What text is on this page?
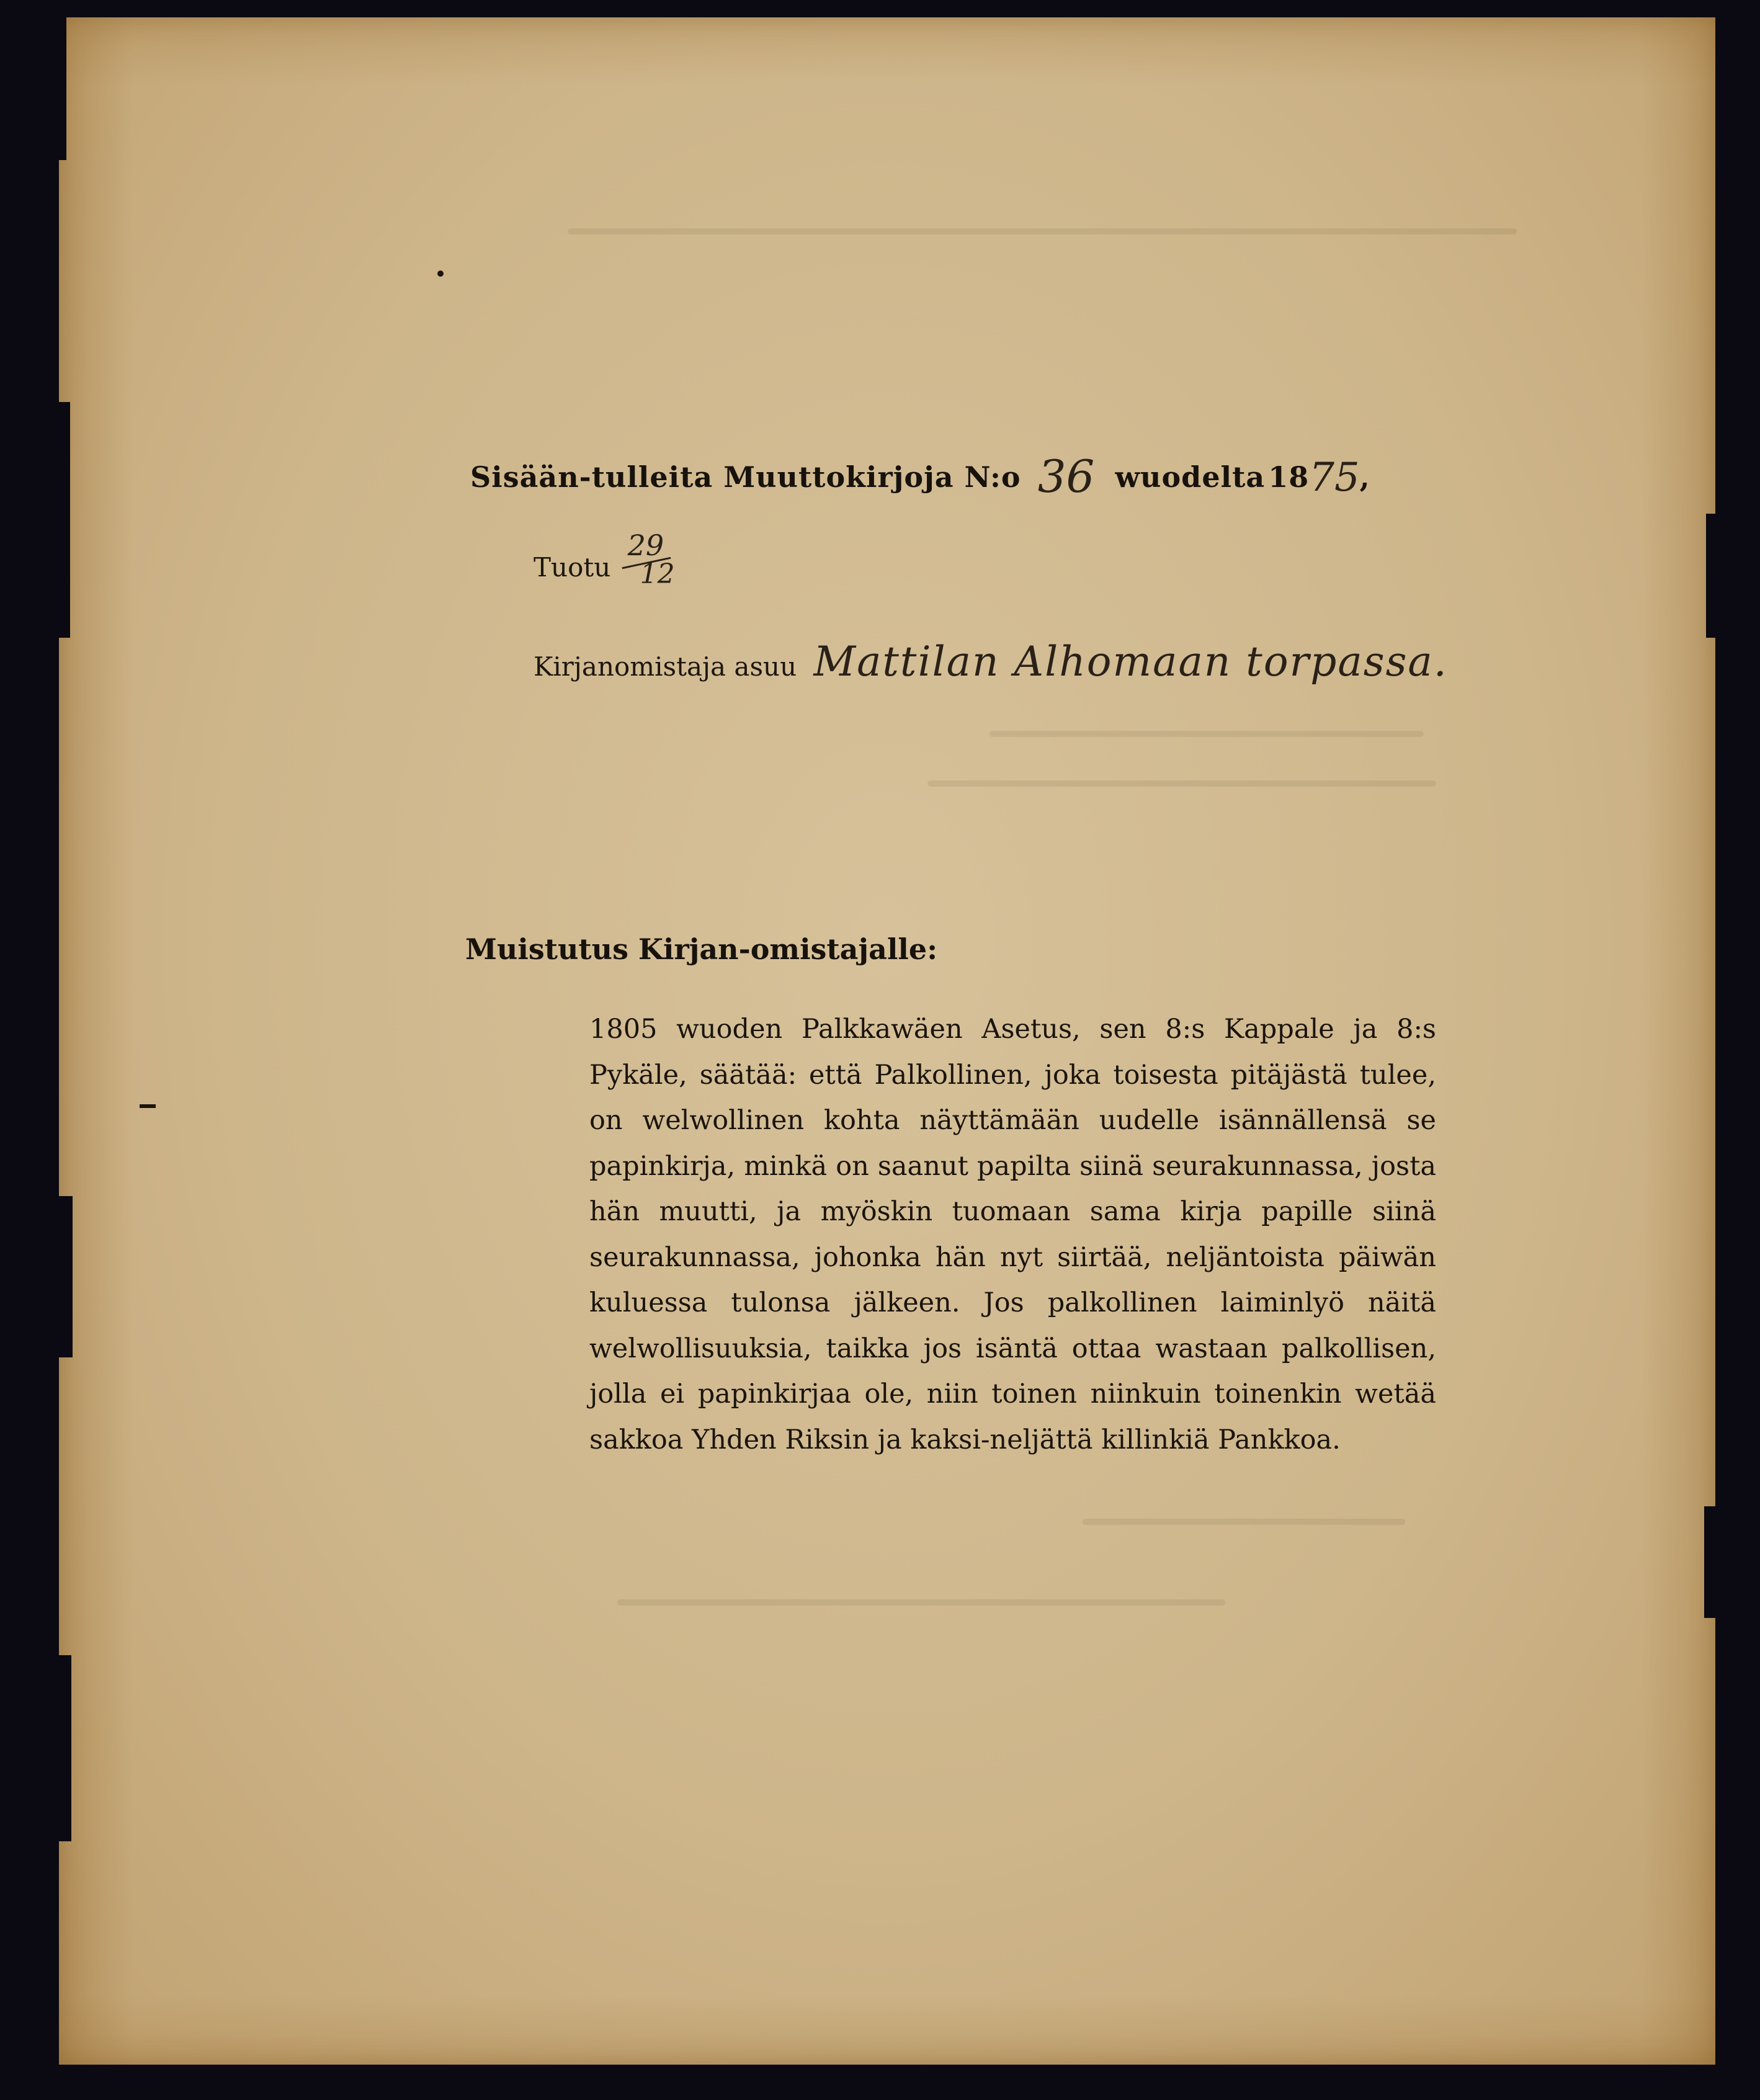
Sisään-tulleita Muuttokirjoja N:o 36 wuodelta 1875,
Tuotu
29
12
Kirjanomistaja asuu Mattilan Alhomaan torpassa.
Muistutus Kirjan-omistajalle:
1805 wuoden Palkkawäen Asetus, sen 8:s Kappale ja 8:s Pykäle, säätää: että Palkollinen, joka toisesta pitäjästä tulee, on welwollinen kohta näyttämään uudelle isännällensä se papinkirja, minkä on saanut papilta siinä seurakunnassa, josta hän muutti, ja myöskin tuomaan sama kirja papille siinä seurakunnassa, johonka hän nyt siirtää, neljäntoista päiwän kuluessa tulonsa jälkeen. Jos palkollinen laiminlyö näitä welwollisuuksia, taikka jos isäntä ottaa wastaan palkollisen, jolla ei papinkirjaa ole, niin toinen niinkuin toinenkin wetää sakkoa Yhden Riksin ja kaksi-neljättä killinkiä Pankkoa.
